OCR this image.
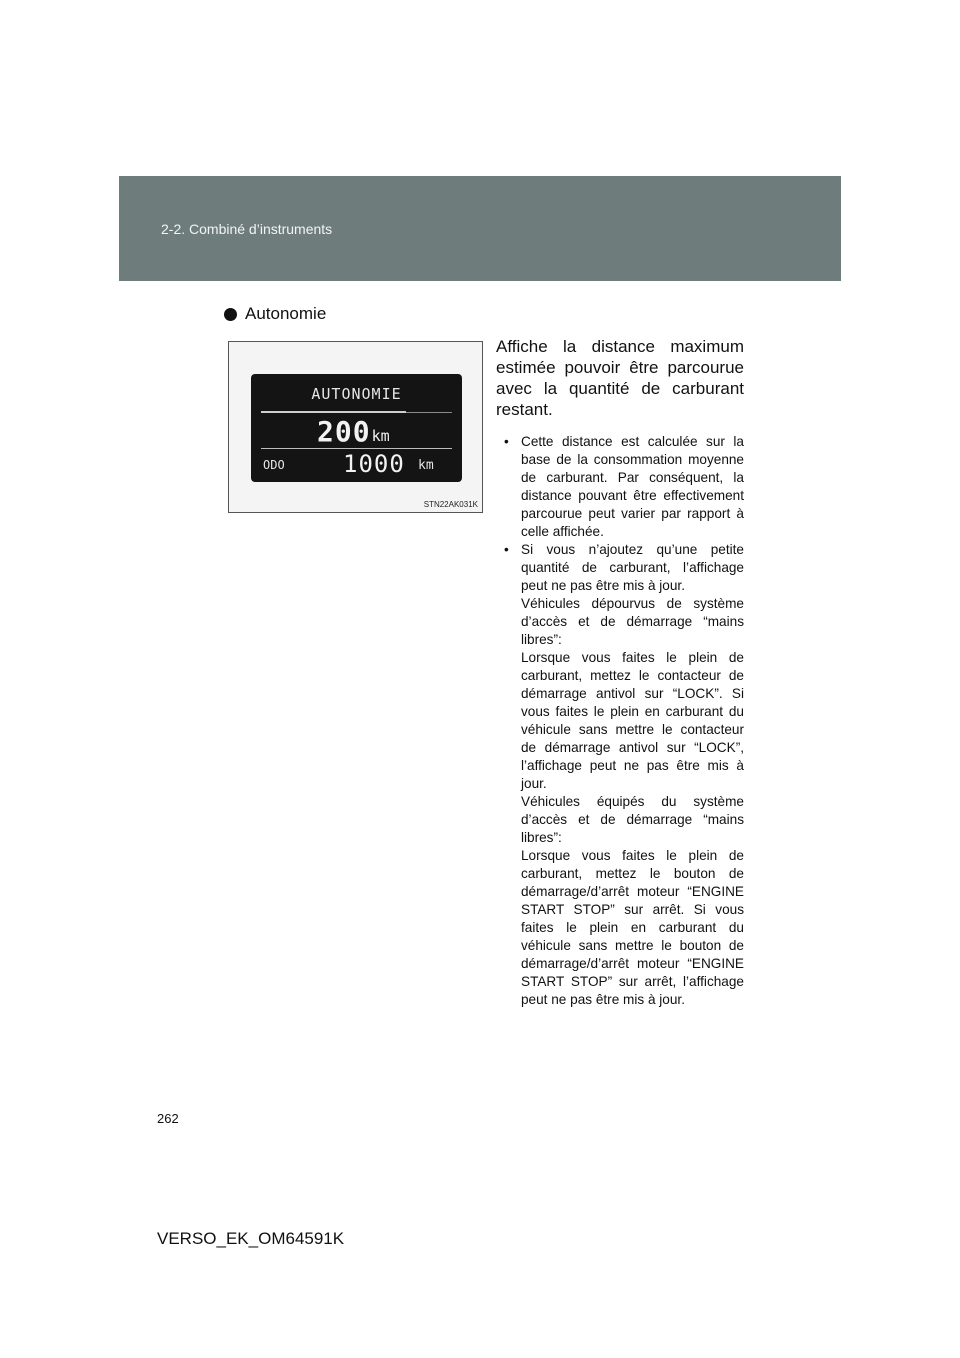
2-2. Combiné d’instruments
Autonomie
AUTONOMIE
200km
ODO 1000 km
STN22AK031K
Affiche la distance maximum estimée pouvoir être parcourue avec la quantité de carburant restant.
• Cette distance est calculée sur la base de la consommation moyenne de carburant. Par conséquent, la distance pouvant être effectivement parcourue peut varier par rapport à celle affichée.

• Si vous n’ajoutez qu’une petite quantité de carburant, l’affichage peut ne pas être mis à jour.

Véhicules dépourvus de système d’accès et de démarrage “mains libres”:

Lorsque vous faites le plein de carburant, mettez le contacteur de démarrage antivol sur “LOCK”. Si vous faites le plein en carburant du véhicule sans mettre le contacteur de démarrage antivol sur “LOCK”, l’affichage peut ne pas être mis à jour.

Véhicules équipés du système d’accès et de démarrage “mains libres”:

Lorsque vous faites le plein de carburant, mettez le bouton de démarrage/d’arrêt moteur “ENGINE START STOP” sur arrêt. Si vous faites le plein en carburant du véhicule sans mettre le bouton de démarrage/d’arrêt moteur “ENGINE START STOP” sur arrêt, l’affichage peut ne pas être mis à jour.

262
VERSO_EK_OM64591K
